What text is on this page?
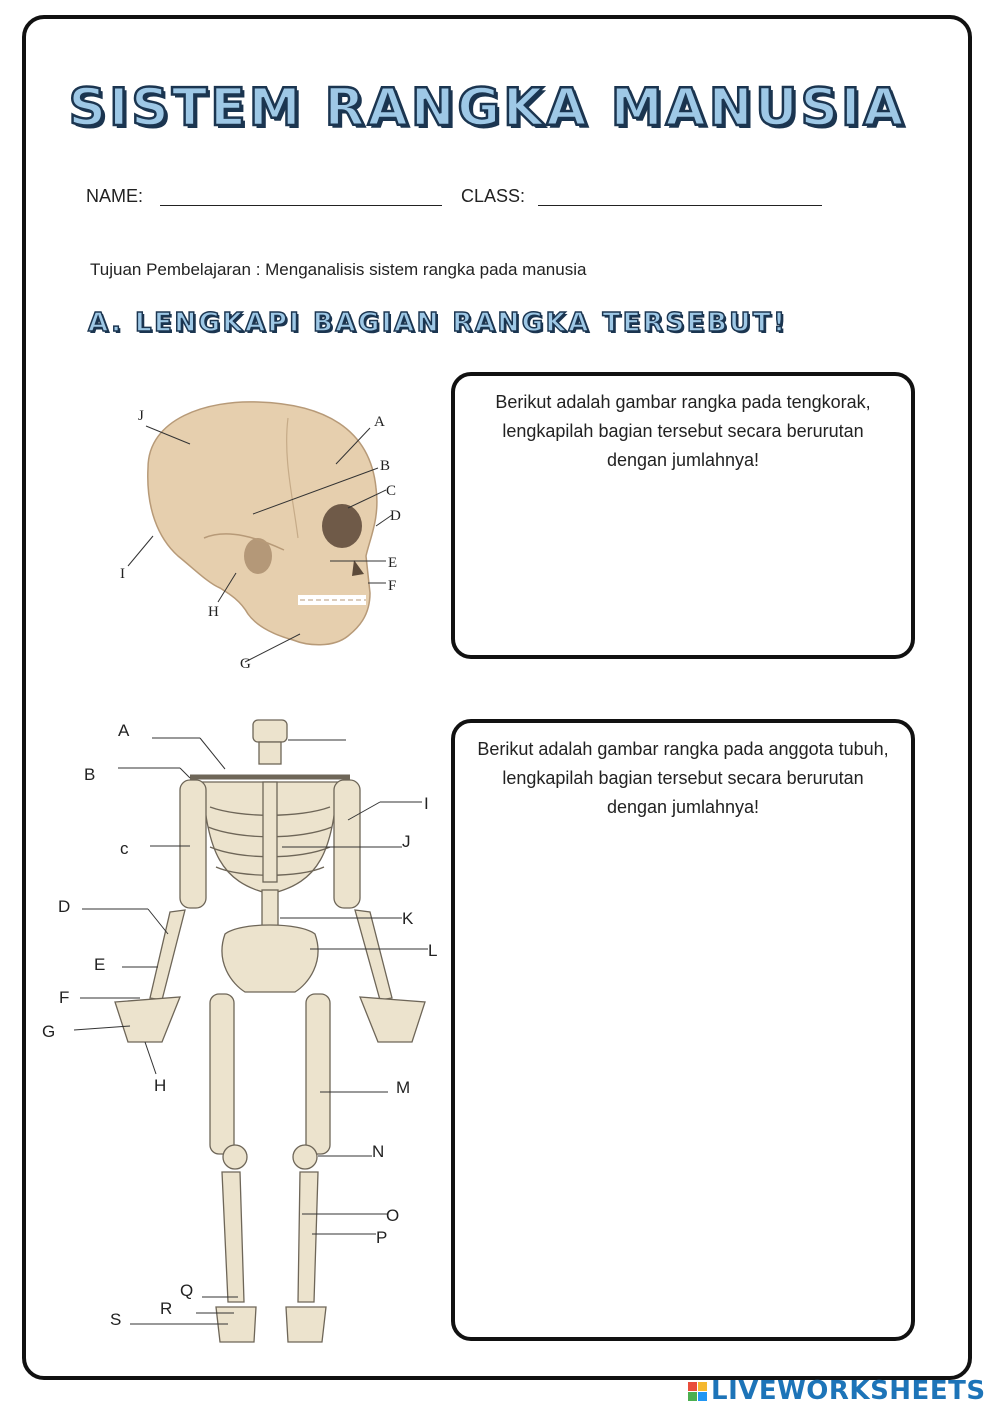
SISTEM RANGKA MANUSIA
NAME:	CLASS:
Tujuan Pembelajaran : Menganalisis sistem rangka pada manusia
A. LENGKAPI BAGIAN RANGKA TERSEBUT!
A
B
C
D
E
F
G
H
I
J
Berikut adalah gambar rangka pada tengkorak, lengkapilah bagian tersebut secara berurutan dengan jumlahnya!
A
B
c
D
E
F
G
H
I
J
K
L
M
N
O
P
Q
R
S
Berikut adalah gambar rangka pada anggota tubuh, lengkapilah bagian tersebut secara berurutan dengan jumlahnya!
LIVEWORKSHEETS
